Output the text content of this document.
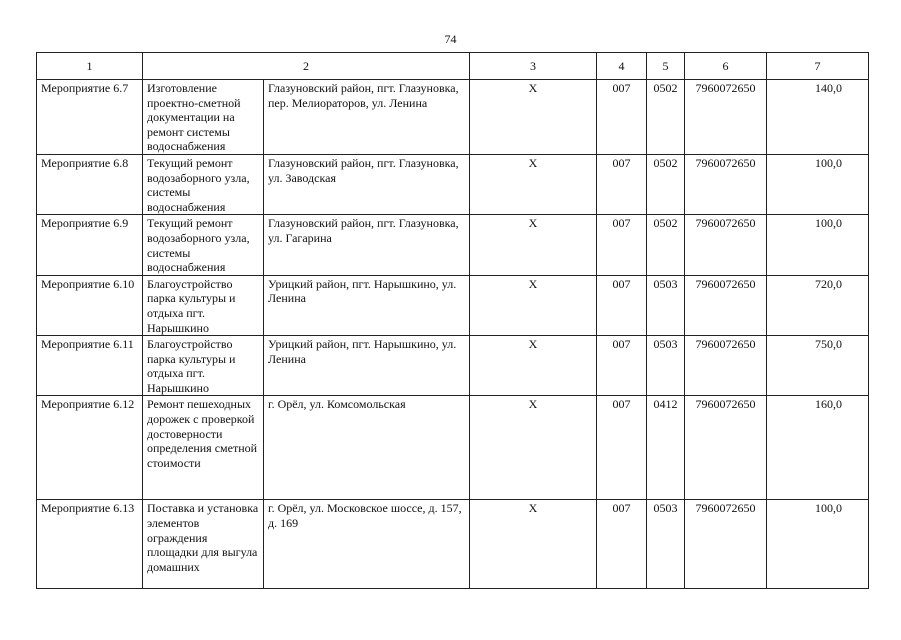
74
1	2		3	4	5	6	7
Мероприятие 6.7	Изготовление проектно-сметной документации на ремонт системы водоснабжения	Глазуновский район, пгт. Глазуновка, пер. Мелиораторов, ул. Ленина	X	007	0502	7960072650	140,0
Мероприятие 6.8	Текущий ремонт водозаборного узла, системы водоснабжения	Глазуновский район, пгт. Глазуновка, ул. Заводская	X	007	0502	7960072650	100,0
Мероприятие 6.9	Текущий ремонт водозаборного узла, системы водоснабжения	Глазуновский район, пгт. Глазуновка, ул. Гагарина	X	007	0502	7960072650	100,0
Мероприятие 6.10	Благоустройство парка культуры и отдыха пгт. Нарышкино	Урицкий район, пгт. Нарышкино, ул. Ленина	X	007	0503	7960072650	720,0
Мероприятие 6.11	Благоустройство парка культуры и отдыха пгт. Нарышкино	Урицкий район, пгт. Нарышкино, ул. Ленина	X	007	0503	7960072650	750,0
Мероприятие 6.12	Ремонт пешеходных дорожек с проверкой достоверности определения сметной стоимости	г. Орёл, ул. Комсомольская	X	007	0412	7960072650	160,0
Мероприятие 6.13	Поставка и установка элементов ограждения площадки для выгула домашних	г. Орёл, ул. Московское шоссе, д. 157, д. 169	X	007	0503	7960072650	100,0
